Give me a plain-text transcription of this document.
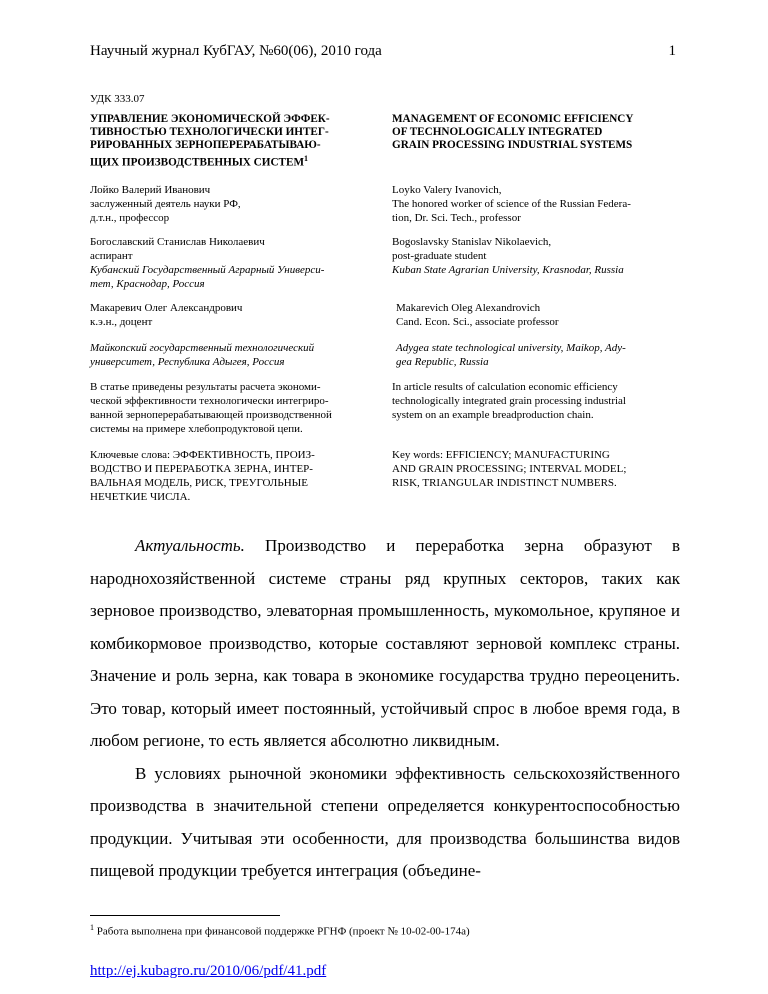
Научный журнал КубГАУ, №60(06), 2010 года	1
УДК 333.07
УПРАВЛЕНИЕ ЭКОНОМИЧЕСКОЙ ЭФФЕК-
ТИВНОСТЬЮ ТЕХНОЛОГИЧЕСКИ ИНТЕГ-
РИРОВАННЫХ ЗЕРНОПЕРЕРАБАТЫВАЮ-
ЩИХ ПРОИЗВОДСТВЕННЫХ СИСТЕМ$^1$
MANAGEMENT OF ECONOMIC EFFICIENCY
OF TECHNOLOGICALLY INTEGRATED
GRAIN PROCESSING INDUSTRIAL SYSTEMS
Лойко Валерий Иванович
заслуженный деятель науки РФ,
д.т.н., профессор
Loyko Valery Ivanovich,
The honored worker of science of the Russian Federa-
tion, Dr. Sci. Tech., professor
Богославский Станислав Николаевич
аспирант
Кубанский Государственный Аграрный Универси-
тет, Краснодар, Россия
Bogoslavsky Stanislav Nikolaevich,
post-graduate student
Kuban State Agrarian University, Krasnodar, Russia
Макаревич Олег Александрович
к.э.н., доцент
Makarevich Oleg Alexandrovich
Cand. Econ. Sci., associate professor
Майкопский государственный технологический
университет, Республика Адыгея, Россия
Adygea state technological university, Maikop, Ady-
gea Republic, Russia
В статье приведены результаты расчета экономи-
ческой эффективности технологически интегриро-
ванной зерноперерабатывающей производственной
системы на примере хлебопродуктовой цепи.
In article results of calculation economic efficiency
technologically integrated grain processing industrial
system on an example breadproduction chain.
Ключевые слова: ЭФФЕКТИВНОСТЬ, ПРОИЗ-
ВОДСТВО И ПЕРЕРАБОТКА ЗЕРНА, ИНТЕР-
ВАЛЬНАЯ МОДЕЛЬ, РИСК, ТРЕУГОЛЬНЫЕ
НЕЧЕТКИЕ ЧИСЛА.
Key words: EFFICIENCY; MANUFACTURING
AND GRAIN PROCESSING; INTERVAL MODEL;
RISK, TRIANGULAR INDISTINCT NUMBERS.

Актуальность. Производство и переработка зерна образуют в народнохозяйственной системе страны ряд крупных секторов, таких как зерновое производство, элеваторная промышленность, мукомольное, крупяное и комбикормовое производство, которые составляют зерновой комплекс страны. Значение и роль зерна, как товара в экономике государства трудно переоценить. Это товар, который имеет постоянный, устойчивый спрос в любое время года, в любом регионе, то есть является абсолютно ликвидным.

В условиях рыночной экономики эффективность сельскохозяйственного производства в значительной степени определяется конкурентоспособностью продукции. Учитывая эти особенности, для производства большинства видов пищевой продукции требуется интеграция (объедине-

$^1$ Работа выполнена при финансовой поддержке РГНФ (проект № 10-02-00-174а)
http://ej.kubagro.ru/2010/06/pdf/41.pdf
